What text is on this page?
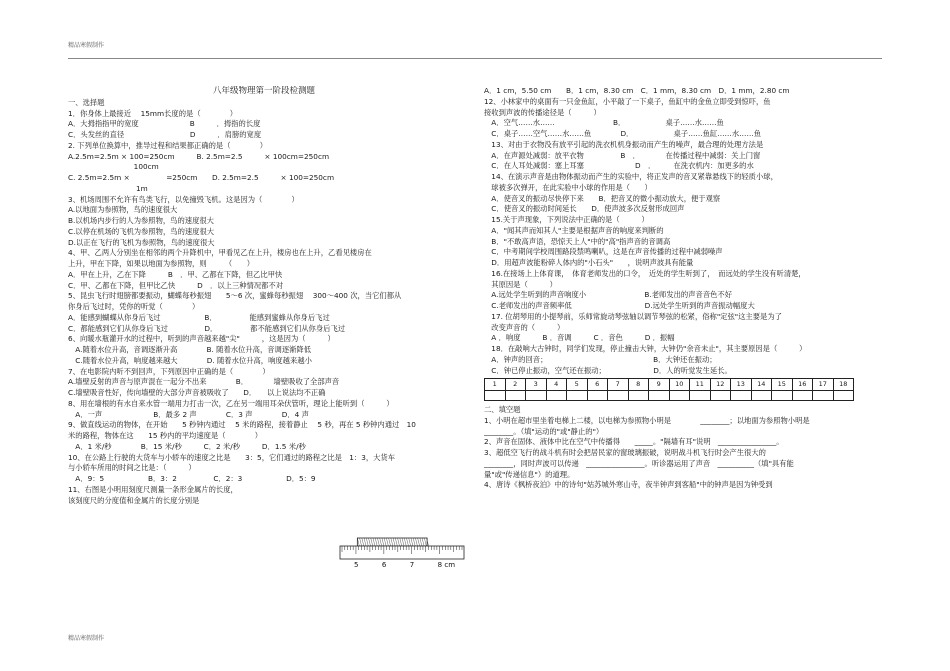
精品寒假制作
八年级物理第一阶段检测题
一、选择题
1．你身体上最接近　 15mm长度的是（　　　　）
A．大拇指指甲的宽度　　　　　　　B　　　．拇指的长度
C．头发丝的直径　　　　　　　　　D　　　．肩膀的宽度
2. 下列单位换算中，推导过程和结果都正确的是（　　　　）
A.2.5m=2.5m × 100=250cm　　　B. 2.5m=2.5　　　× 100cm=250cm
　　　　　　　　　100cm
C. 2.5m=2.5m ×　　　　　=250cm　　D. 2.5m=2.5　　　× 100=250cm
　　　　　　　　　 1m
3、机场周围不允许有鸟类飞行，以免撞毁飞机。这是因为（　　　　）
A.以地面为参照物，鸟的速度很大
B.以机场内步行的人为参照物，鸟的速度很大
C.以停在机场的飞机为参照物，鸟的速度很大
D.以正在飞行的飞机为参照物，鸟的速度很大
4、甲、乙两人分别坐在相邻的两个升降机中，甲看见乙在上升，楼房也在上升，乙看见楼房在
上升，甲在下降，如果以地面为参照物，则　　　（　　）
A．甲在上升，乙在下降　　　B　．甲、乙都在下降，但乙比甲快
C．甲、乙都在下降，但甲比乙快　　　D　．以上三种情况都不对
5、昆虫飞行时翅膀都要振动，蝴蝶每秒振翅　　5～6 次，蜜蜂每秒振翅　 300～400 次，当它们都从
你身后飞过时，凭你的听觉（　　　　）
A．能感到蝴蝶从你身后飞过　　　　　　B．　　　　　能感到蜜蜂从你身后飞过
C．都能感到它们从你身后飞过　　　　　D．　　　　　都不能感到它们从你身后飞过
6、向暖水瓶灌开水的过程中，听到的声音越来越"尖"　　　，这是因为（　　　）
　A.随着水位升高，音调逐渐升高　　　　B. 随着水位升高，音调逐渐降低
　C.随着水位升高，响度越来越大　　　　D. 随着水位升高，响度越来越小
7、在电影院内听不到回声，下列原因中正确的是（　　　　）
A.墙壁反射的声音与原声混在一起分不出来　　　　B．　　　　墙壁吸收了全部声音
C.墙壁吸音性好，传向墙壁的大部分声音被吸收了　　D．　　以上说法均不正确
8、用在墙根的有水自来水管一端用力打击一次，乙在另一端用耳朵伏管听，理论上能听到（　　　）
　A．一声　　　　　　　B．最多 2 声　　　　C．3 声　　　　D．4 声
9、做直线运动的物体，在开始　　5 秒钟内通过　 5 米的路程，接着静止　 5 秒，再在 5 秒钟内通过　10
米的路程，物体在这　　15 秒内的平均速度是（　　　　）
　A．1 米/秒　　　　B．15 米/秒　　　C．2 米/秒　　　D．1.5 米/秒
10、在公路上行驶的大货车与小轿车的速度之比是　　3：5，它们通过的路程之比是　1：3，大货车
与小轿车所用的时间之比是：（　　　）
　A．9：5　　　　　　B．3：2　　　　　C．2：3　　　　　　D．5：9
11、右图是小明用刻度尺测量一条形金属片的长度，
该刻度尺的分度值和金属片的长度分别是
5	6	7	8 cm
A．1 cm，5.50 cm　　B．1 cm，8.30 cm　C．1 mm，8.30 cm　D．1 mm，2.80 cm
12、小林家中的桌面有一只金鱼缸，小平敲了一下桌子，鱼缸中的金鱼立即受到惊吓，鱼
接收到声波的传播途径是（　　　）
　A．空气……水……　　　　　　　　B．　　　　　　桌子……水……鱼
　C．桌子……空气……水……鱼　　　　D．　　　　　　桌子……鱼缸……水……鱼
　13、对由于衣物没有放平引起的洗衣机机身振动而产生的噪声，最合理的处理方法是
　A．在声源处减弱：放平衣物　　　　　B　．　　　　在传播过程中减弱：关上门窗
　C．在人耳处减弱：塞上耳塞　　　　　　　D　．　　　在洗衣机内：加更多的水
　14、在演示声音是由物体振动而产生的实验中，将正发声的音叉紧靠悬线下的轻质小球，
　球被多次弹开，在此实验中小球的作用是（　　）
　A．使音叉的振动尽快停下来　　B．把音叉的微小振动放大，便于观察
　C．使音叉的振动时间延长　　D．使声波多次反射形成回声
　15.关于声现象，下列说法中正确的是（　　　）
　A．"闻其声而知其人"主要是根据声音的响度来判断的
　B．"不敢高声语，恐惊天上人"中的"高"指声音的音调高
　C．中考期间学校周围路段禁鸣喇叭，这是在声音传播的过程中减弱噪声
　D．用超声波能粉碎人体内的"小石头"　　，说明声波具有能量
　16.在接场上上体育课，　体育老师发出的口令，　近处的学生听到了，　而远处的学生没有听清楚，
　其原因是（　　　）
　A.远处学生听到的声音响度小　　　　　　　　B.老师发出的声音音色不好
　C.老师发出的声音频率低　　　　　　　　　　D.远处学生听到的声音振动幅度大
　17. 位胡琴用的小提琴前，乐师常旋动琴弦轴以调节琴弦的松紧，俗称"定弦"这主要是为了
　改变声音的（　　　）
　A ．响度　　　B ．音调　　　C ．音色　　　D ．振幅
　18．在敲响大古钟时，同学们发现，停止撞击大钟，大钟仍"余音未止"，其主要原因是（　　　）
　A．钟声的回音；　　　　　　　　　　　　　　　B．大钟还在振动；
　C．钟已停止振动，空气还在振动；　　　　　　　D．人的听觉发生延长。
1	2	3	4	5	6	7	8	9	10	11	12	13	14	15	16	17	18

二、填空题
1、小明在超市里坐着电梯上二楼，以电梯为参照物小明是　　　　________；以地面为参照物小明是
________。（填"运动的"或"静止的"）
2、声音在固体、液体中比在空气中传播得　　_____。"隔墙有耳"说明　________________。
3、超低空飞行的战斗机有时会把居民家的窗玻璃振破，说明战斗机飞行时会产生很大的
________，同时声波可以传递　________________。听诊器运用了声音　__________（填"具有能
量"或"传递信息"）的道理。
4、唐诗《枫桥夜泊》中的诗句"姑苏城外寒山寺，夜半钟声到客船"中的钟声是因为钟受到
精品寒假制作
